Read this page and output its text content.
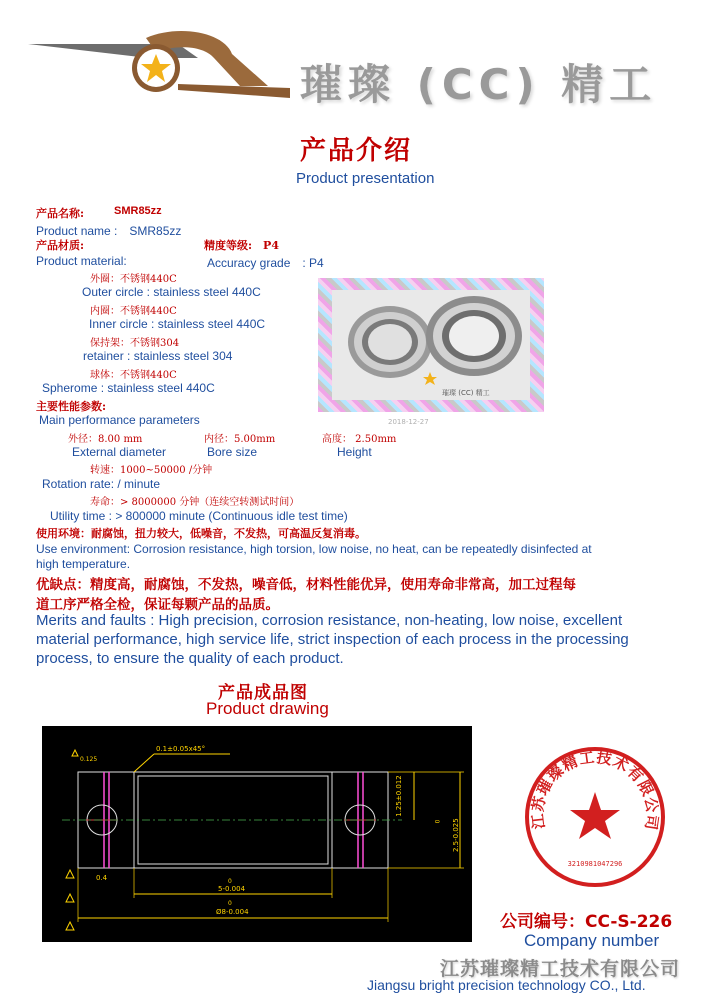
璀璨 (CC) 精工
产品介绍
Product presentation
产品名称:	SMR85zz
Product name :　SMR85zz
产品材质:	精度等级:　P4
Product material:	Accuracy grade　: P4
外圈：不锈钢440C
Outer circle : stainless steel 440C
内圈：不锈钢440C
Inner circle : stainless steel 440C
保持架：不锈钢304
retainer : stainless steel 304
球体：不锈钢440C
Spherome : stainless steel 440C	璀璨 (CC) 精工
2018-12-27
主要性能参数:
Main performance parameters
外径：8.00 mm	内径：5.00mm	高度： 2.50mm
External diameter	Bore size	Height
转速：1000~50000 /分钟
Rotation rate: / minute
寿命：> 8000000 分钟（连续空转测试时间）
Utility time : > 800000 minute (Continuous idle test time)
使用环境：耐腐蚀，扭力较大，低噪音，不发热，可高温反复消毒。
Use environment: Corrosion resistance, high torsion, low noise, no heat, can be repeatedly disinfected at
high temperature.
优缺点：精度高，耐腐蚀，不发热，噪音低，材料性能优异，使用寿命非常高，加工过程每
道工序严格全检，保证每颗产品的品质。
Merits and faults : High precision, corrosion resistance, non-heating, low noise, excellent
material performance, high service life, strict inspection of each process in the processing
process, to ensure the quality of each product.
产品成品图
Product drawing
0.1±0.05x45°
0.125
0.4	0
5-0.004
0
Ø8-0.004
1.25±0.012
0 2.5-0.025	江苏璀璨精工技术有限公司
3210981047296
公司编号：CC-S-226
Company number
江苏璀璨精工技术有限公司
Jiangsu bright precision technology CO., Ltd.
